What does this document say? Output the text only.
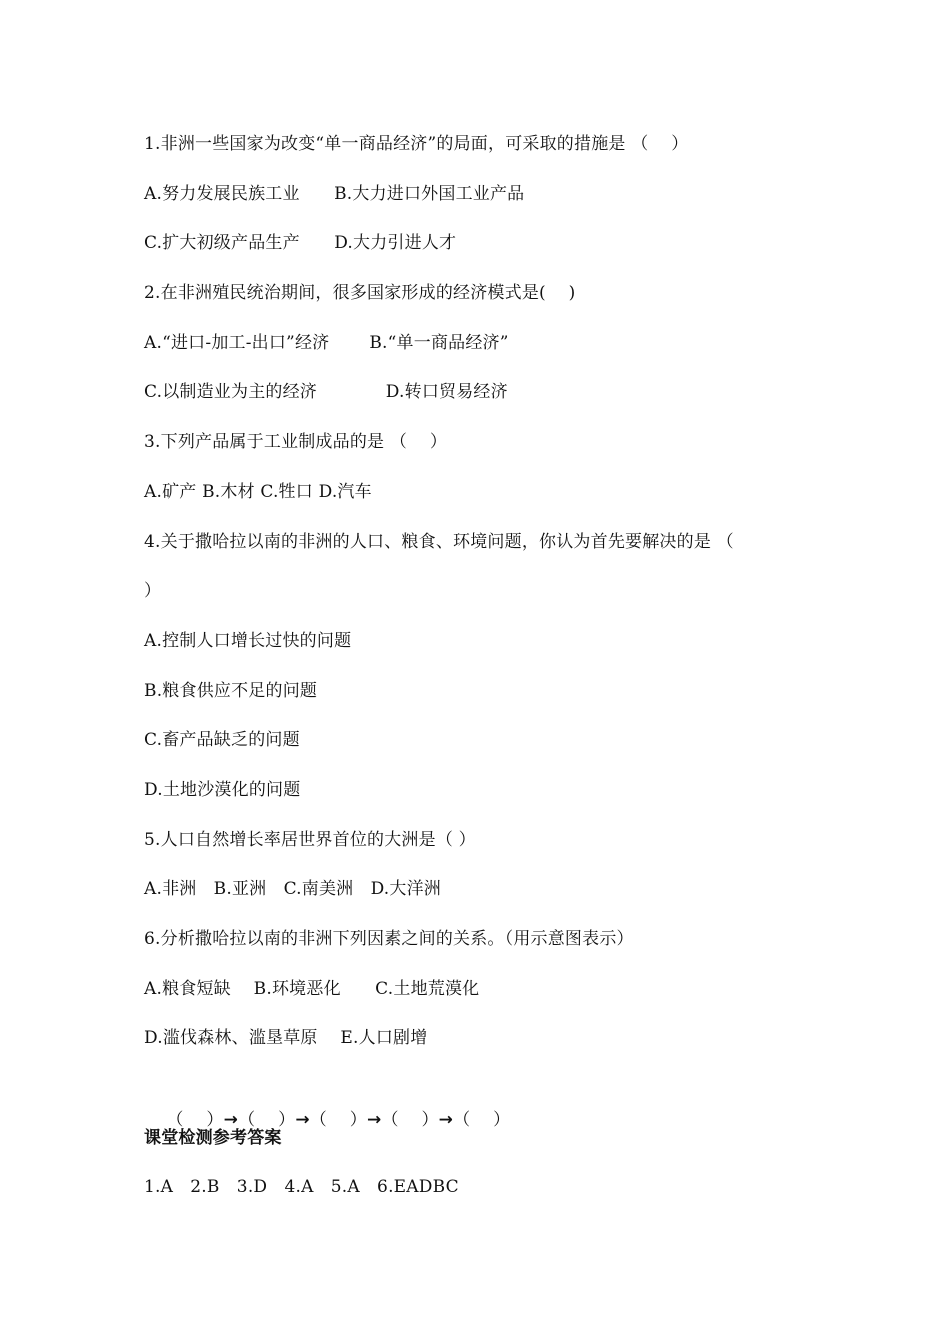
1.非洲一些国家为改变“单一商品经济”的局面，可采取的措施是 （　 ）
A.努力发展民族工业　　B.大力进口外国工业产品
C.扩大初级产品生产　　D.大力引进人才
2.在非洲殖民统治期间，很多国家形成的经济模式是(　 )
A.“进口-加工-出口”经济　　 B.“单一商品经济”
C.以制造业为主的经济　　　　D.转口贸易经济
3.下列产品属于工业制成品的是 （　 ）
A.矿产 B.木材 C.牲口 D.汽车
4.关于撒哈拉以南的非洲的人口、粮食、环境问题，你认为首先要解决的是 （
）
A.控制人口增长过快的问题
B.粮食供应不足的问题
C.畜产品缺乏的问题
D.土地沙漠化的问题
5.人口自然增长率居世界首位的大洲是（ ）
A.非洲　B.亚洲　C.南美洲　D.大洋洲
6.分析撒哈拉以南的非洲下列因素之间的关系。（用示意图表示）
A.粮食短缺　 B.环境恶化　　C.土地荒漠化
D.滥伐森林、滥垦草原　 E.人口剧增

（　 ）→（　 ）→（　 ）→（　 ）→（　 ）

课堂检测参考答案
1.A　2.B　3.D　4.A　5.A　6.EADBC
